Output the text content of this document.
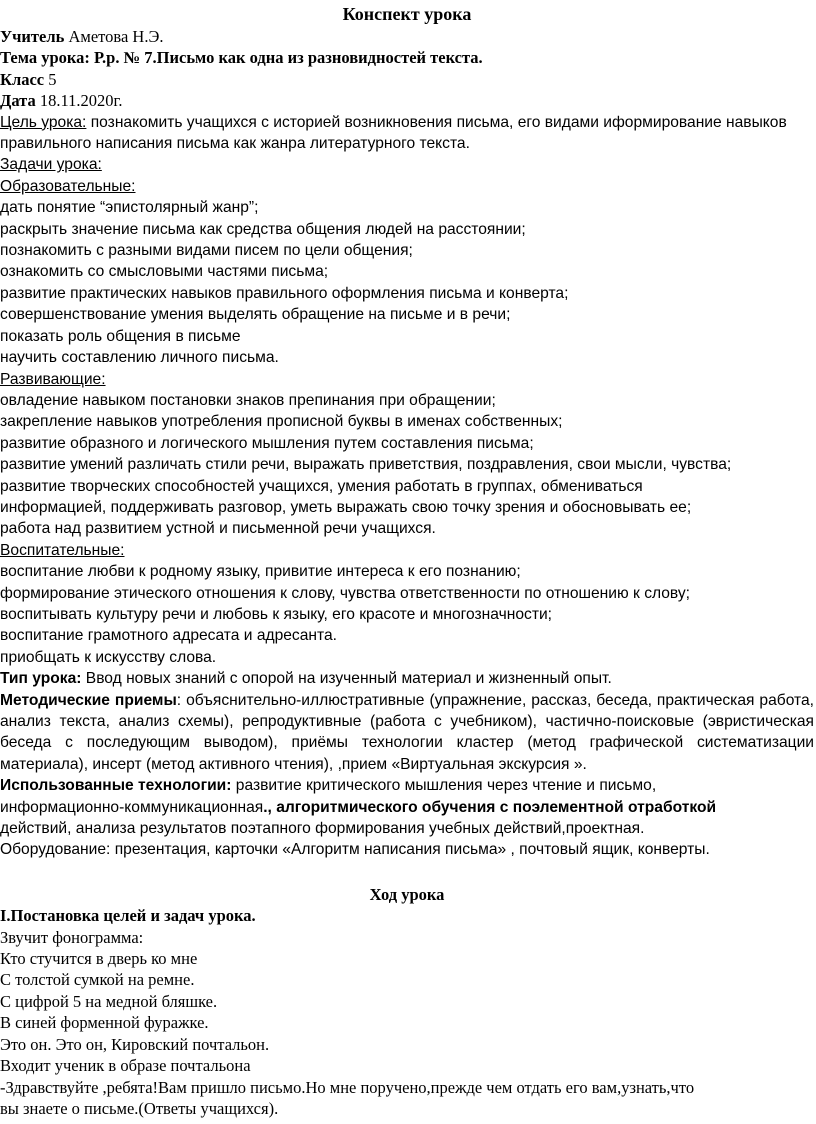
Конспект урока

Учитель Аметова Н.Э.

Тема урока: Р.р. № 7.Письмо как одна из разновидностей текста.

Класс 5

Дата 18.11.2020г.

Цель урока: познакомить учащихся с историей возникновения письма, его видами иформирование навыков правильного написания письма как жанра литературного текста.

Задачи урока:

Образовательные:

дать понятие “эпистолярный жанр”;

раскрыть значение письма как средства общения людей на расстоянии;

познакомить с разными видами писем по цели общения;

ознакомить со смысловыми частями письма;

развитие практических навыков правильного оформления письма и конверта;

совершенствование умения выделять обращение на письме и в речи;

показать роль общения в письме

научить составлению личного письма.

Развивающие:

овладение навыком постановки знаков препинания при обращении;

закрепление навыков употребления прописной буквы в именах собственных;

развитие образного и логического мышления путем составления письма;

развитие умений различать стили речи, выражать приветствия, поздравления, свои мысли, чувства;

развитие творческих способностей учащихся, умения работать в группах, обмениваться

информацией, поддерживать разговор, уметь выражать свою точку зрения и обосновывать ее;

работа над развитием устной и письменной речи учащихся.

Воспитательные:

воспитание любви к родному языку, привитие интереса к его познанию;

формирование этического отношения к слову, чувства ответственности по отношению к слову;

воспитывать культуру речи и любовь к языку, его красоте и многозначности;

воспитание грамотного адресата и адресанта.

приобщать к искусству слова.

Тип урока: Ввод новых знаний с опорой на изученный материал и жизненный опыт.

Методические приемы: объяснительно-иллюстративные (упражнение, рассказ, беседа, практическая работа, анализ текста, анализ схемы), репродуктивные (работа с учебником), частично-поисковые (эвристическая беседа с последующим выводом), приёмы технологии кластер (метод графической систематизации материала), инсерт (метод активного чтения), ,прием «Виртуальная экскурсия ».

Использованные технологии: развитие критического мышления через чтение и письмо,

информационно-коммуникационная., алгоритмического обучения с поэлементной отработкой

действий, анализа результатов поэтапного формирования учебных действий,проектная.

Оборудование: презентация, карточки «Алгоритм написания письма» , почтовый ящик, конверты.

Ход урока

I.Постановка целей и задач урока.

Звучит фонограмма:

Кто стучится в дверь ко мне

С толстой сумкой на ремне.

С цифрой 5 на медной бляшке.

В синей форменной фуражке.

Это он. Это он, Кировский почтальон.

Входит ученик в образе почтальона

-Здравствуйте ,ребята!Вам пришло письмо.Но мне поручено,прежде чем отдать его вам,узнать,что

вы знаете о письме.(Ответы учащихся).
